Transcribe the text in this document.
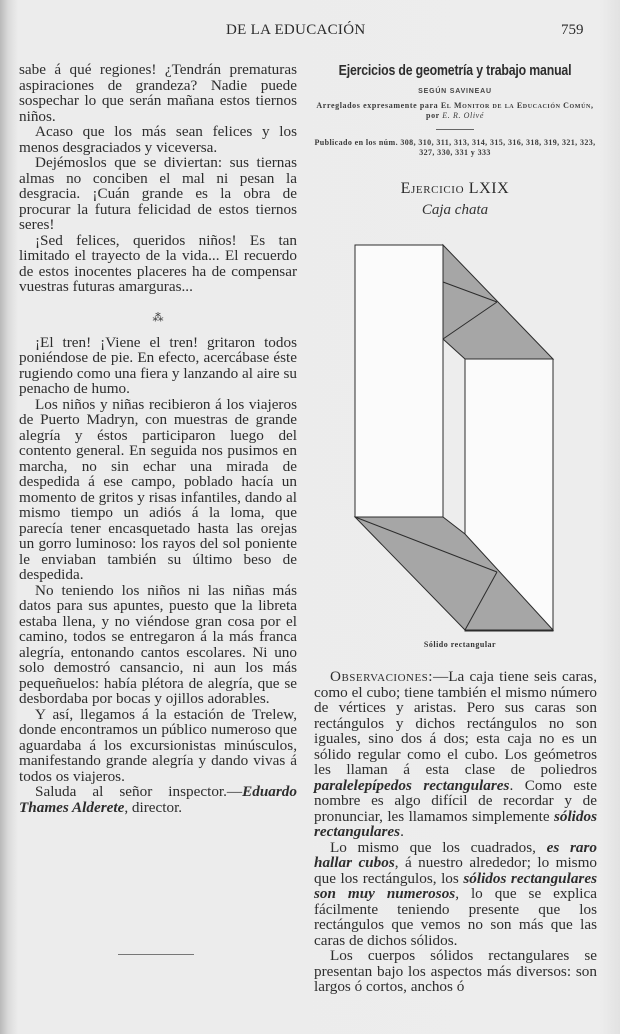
DE LA EDUCACIÓN	759

sabe á qué regiones! ¿Tendrán prematuras aspiraciones de grandeza? Nadie puede sospechar lo que serán mañana estos tiernos niños.

Acaso que los más sean felices y los menos desgraciados y viceversa.

Dejémoslos que se diviertan: sus tiernas almas no conciben el mal ni pesan la desgracia. ¡Cuán grande es la obra de procurar la futura felicidad de estos tiernos seres!

¡Sed felices, queridos niños! Es tan limitado el trayecto de la vida... El recuerdo de estos inocentes placeres ha de compensar vuestras futuras amarguras...

⁂

¡El tren! ¡Viene el tren! gritaron todos poniéndose de pie. En efecto, acercábase éste rugiendo como una fiera y lanzando al aire su penacho de humo.

Los niños y niñas recibieron á los viajeros de Puerto Madryn, con muestras de grande alegría y éstos participaron luego del contento general. En seguida nos pusimos en marcha, no sin echar una mirada de despedida á ese campo, poblado hacía un momento de gritos y risas infantiles, dando al mismo tiempo un adiós á la loma, que parecía tener encasquetado hasta las orejas un gorro luminoso: los rayos del sol poniente le enviaban también su último beso de despedida.

No teniendo los niños ni las niñas más datos para sus apuntes, puesto que la libreta estaba llena, y no viéndose gran cosa por el camino, todos se entregaron á la más franca alegría, entonando cantos escolares. Ni uno solo demostró cansancio, ni aun los más pequeñuelos: había plétora de alegría, que se desbordaba por bocas y ojillos adorables.

Y así, llegamos á la estación de Trelew, donde encontramos un público numeroso que aguardaba á los excursionistas minúsculos, manifestando grande alegría y dando vivas á todos os viajeros.

Saluda al señor inspector.—Eduardo Thames Alderete, director.

Ejercicios de geometría y trabajo manual
SEGÚN SAVINEAU
Arreglados expresamente para El Monitor de la Educación Común, por E. R. Olivé
Publicado en los núm. 308, 310, 311, 313, 314, 315, 316, 318, 319, 321, 323, 327, 330, 331 y 333
Ejercicio LXIX
Caja chata
Sólido rectangular

Observaciones:—La caja tiene seis caras, como el cubo; tiene también el mismo número de vértices y aristas. Pero sus caras son rectángulos y dichos rectángulos no son iguales, sino dos á dos; esta caja no es un sólido regular como el cubo. Los geómetros les llaman á esta clase de poliedros paralelepípedos rectangulares. Como este nombre es algo difícil de recordar y de pronunciar, les llamamos simplemente sólidos rectangulares.

Lo mismo que los cuadrados, es raro hallar cubos, á nuestro alrededor; lo mismo que los rectángulos, los sólidos rectangulares son muy numerosos, lo que se explica fácilmente teniendo presente que los rectángulos que vemos no son más que las caras de dichos sólidos.

Los cuerpos sólidos rectangulares se presentan bajo los aspectos más diversos: son largos ó cortos, anchos ó
